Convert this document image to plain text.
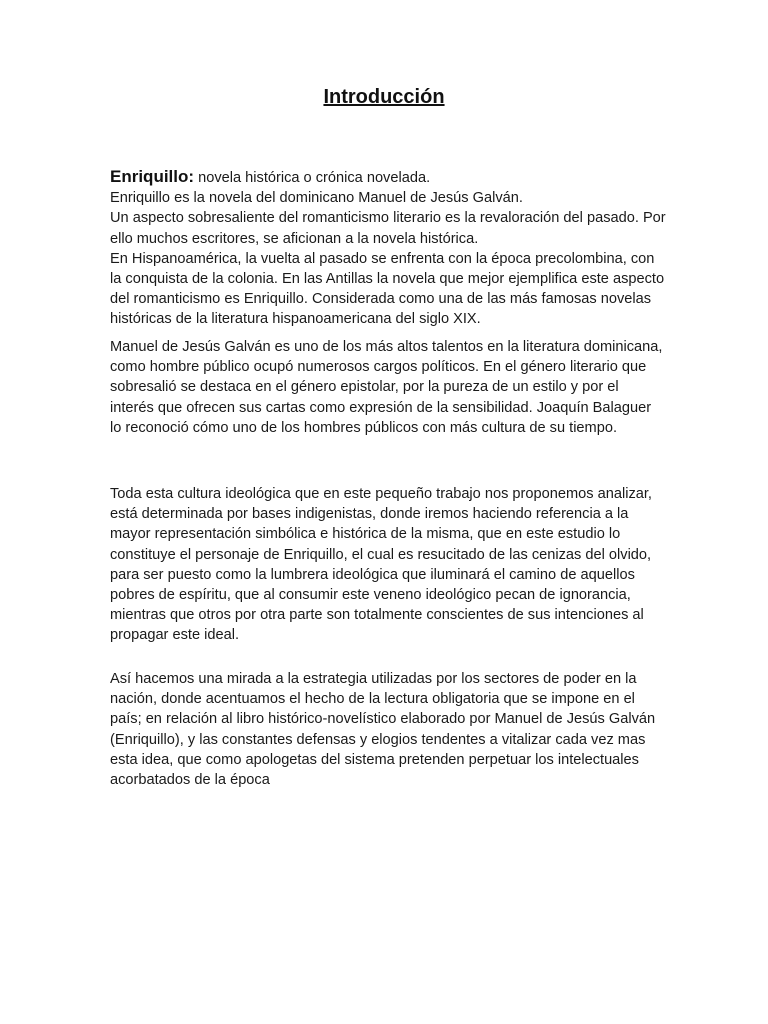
Introducción

Enriquillo: novela histórica o crónica novelada.

Enriquillo es la novela del dominicano Manuel de Jesús Galván.

Un aspecto sobresaliente del romanticismo literario es la revaloración del pasado. Por ello muchos escritores, se aficionan a la novela histórica.

En Hispanoamérica, la vuelta al pasado se enfrenta con la época precolombina, con la conquista de la colonia. En las Antillas la novela que mejor ejemplifica este aspecto del romanticismo es Enriquillo. Considerada como una de las más famosas novelas históricas de la literatura hispanoamericana del siglo XIX.

Manuel de Jesús Galván es uno de los más altos talentos en la literatura dominicana, como hombre público ocupó numerosos cargos políticos. En el género literario que sobresalió se destaca en el género epistolar, por la pureza de un estilo y por el interés que ofrecen sus cartas como expresión de la sensibilidad. Joaquín Balaguer lo reconoció cómo uno de los hombres públicos con más cultura de su tiempo.

Toda esta cultura ideológica que en este pequeño trabajo nos proponemos analizar, está determinada por bases indigenistas, donde iremos haciendo referencia a la mayor representación simbólica e histórica de la misma, que en este estudio lo constituye el personaje de Enriquillo, el cual es resucitado de las cenizas del olvido, para ser puesto como la lumbrera ideológica que iluminará el camino de aquellos pobres de espíritu, que al consumir este veneno ideológico pecan de ignorancia, mientras que otros por otra parte son totalmente conscientes de sus intenciones al propagar este ideal.

Así hacemos una mirada a la estrategia utilizadas por los sectores de poder en la nación, donde acentuamos el hecho de la lectura obligatoria que se impone en el país; en relación al libro histórico-novelístico elaborado por Manuel de Jesús Galván (Enriquillo), y las constantes defensas y elogios tendentes a vitalizar cada vez mas esta idea, que como apologetas del sistema pretenden perpetuar los intelectuales acorbatados de la época
